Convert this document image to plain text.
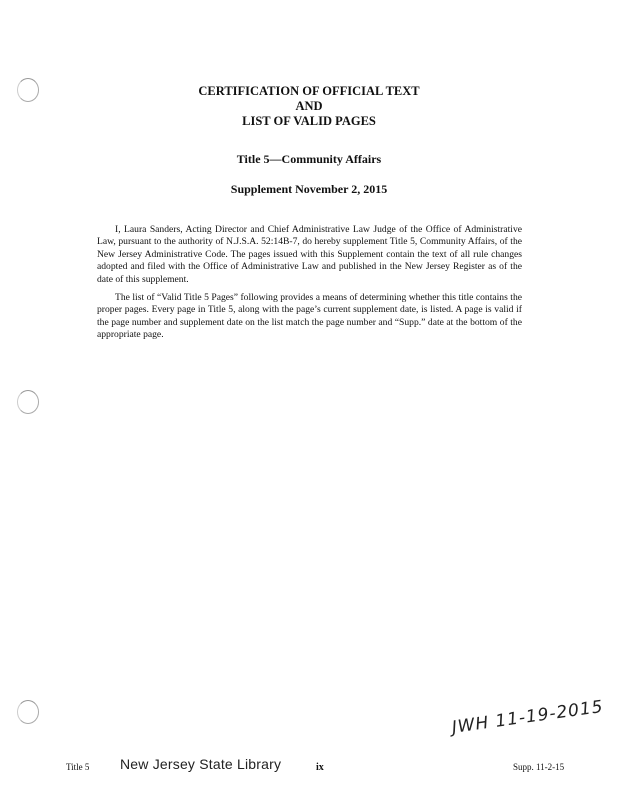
CERTIFICATION OF OFFICIAL TEXT
AND
LIST OF VALID PAGES
Title 5—Community Affairs
Supplement November 2, 2015

I, Laura Sanders, Acting Director and Chief Administrative Law Judge of the Office of Administrative Law, pursuant to the authority of N.J.S.A. 52:14B-7, do hereby supplement Title 5, Community Affairs, of the New Jersey Administrative Code. The pages issued with this Supplement contain the text of all rule changes adopted and filed with the Office of Administrative Law and published in the New Jersey Register as of the date of this supplement.

The list of “Valid Title 5 Pages” following provides a means of determining whether this title contains the proper pages. Every page in Title 5, along with the page’s current supplement date, is listed. A page is valid if the page number and supplement date on the list match the page number and “Supp.” date at the bottom of the appropriate page.

JWH 11-19-2015
Title 5 New Jersey State Library	ix	Supp. 11-2-15
